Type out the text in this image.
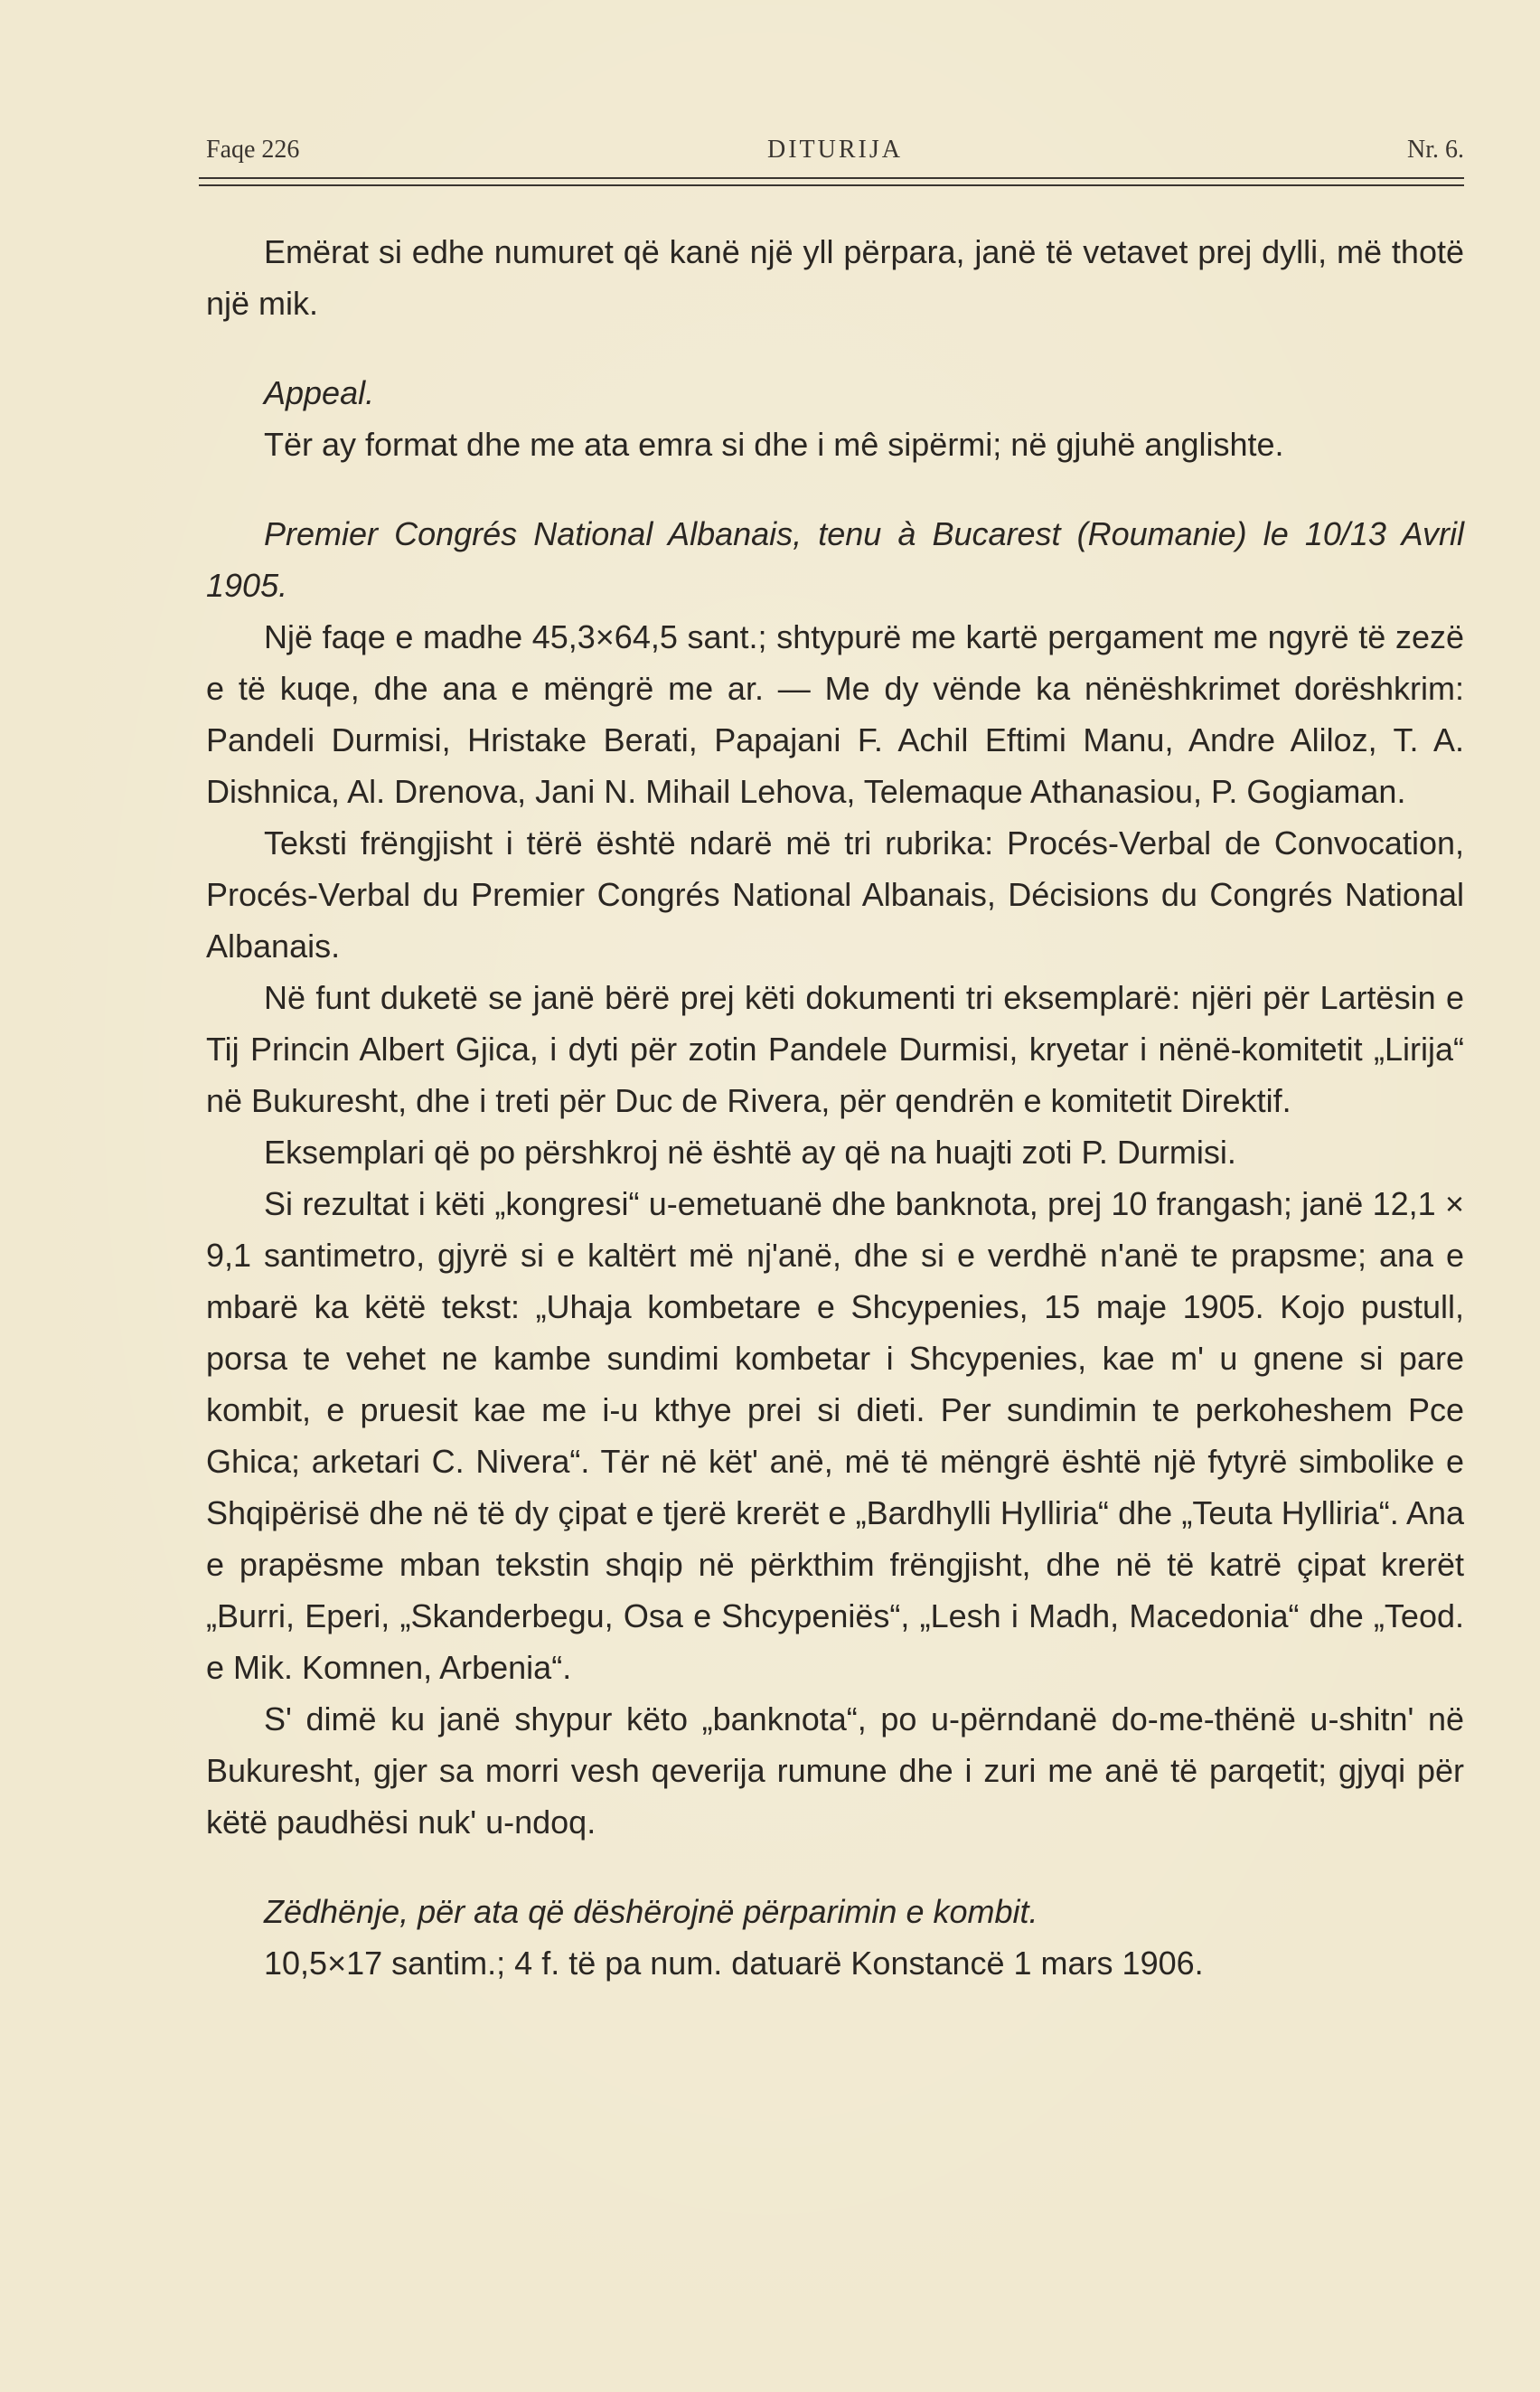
Faqe 226	DITURIJA	Nr. 6.

Emërat si edhe numuret që kanë një yll përpara, janë të vetavet prej dylli, më thotë një mik.

Appeal.

Tër ay format dhe me ata emra si dhe i mê sipërmi; në gjuhë anglishte.

Premier Congrés National Albanais, tenu à Bucarest (Roumanie) le 10/13 Avril 1905.

Një faqe e madhe 45,3×64,5 sant.; shtypurë me kartë pergament me ngyrë të zezë e të kuqe, dhe ana e mëngrë me ar. — Me dy vënde ka nënëshkrimet dorëshkrim: Pandeli Durmisi, Hristake Berati, Papajani F. Achil Eftimi Manu, Andre Aliloz, T. A. Dishnica, Al. Drenova, Jani N. Mihail Lehova, Telemaque Athanasiou, P. Gogiaman.

Teksti frëngjisht i tërë është ndarë më tri rubrika: Procés-Verbal de Convocation, Procés-Verbal du Premier Congrés National Albanais, Décisions du Congrés National Albanais.

Në funt duketë se janë bërë prej këti dokumenti tri eksemplarë: njëri për Lartësin e Tij Princin Albert Gjica, i dyti për zotin Pandele Durmisi, kryetar i nënë-komitetit „Lirija“ në Bukuresht, dhe i treti për Duc de Rivera, për qendrën e komitetit Direktif.

Eksemplari që po përshkroj në është ay që na huajti zoti P. Durmisi.

Si rezultat i këti „kongresi“ u-emetuanë dhe banknota, prej 10 frangash; janë 12,1 × 9,1 santimetro, gjyrë si e kaltërt më nj'anë, dhe si e verdhë n'anë te prapsme; ana e mbarë ka këtë tekst: „Uhaja kombetare e Shcypenies, 15 maje 1905. Kojo pustull, porsa te vehet ne kambe sundimi kombetar i Shcypenies, kae m' u gnene si pare kombit, e pruesit kae me i-u kthye prei si dieti. Per sundimin te perkoheshem Pce Ghica; arketari C. Nivera“. Tër në kët' anë, më të mëngrë është një fytyrë simbolike e Shqipërisë dhe në të dy çipat e tjerë krerët e „Bardhylli Hylliria“ dhe „Teuta Hylliria“. Ana e prapësme mban tekstin shqip në përkthim frëngjisht, dhe në të katrë çipat krerët „Burri, Eperi, „Skanderbegu, Osa e Shcypeniës“, „Lesh i Madh, Macedonia“ dhe „Teod. e Mik. Komnen, Arbenia“.

S' dimë ku janë shypur këto „banknota“, po u-përndanë do-me-thënë u-shitn' në Bukuresht, gjer sa morri vesh qeverija rumune dhe i zuri me anë të parqetit; gjyqi për këtë paudhësi nuk' u-ndoq.

Zëdhënje, për ata që dëshërojnë përparimin e kombit.

10,5×17 santim.; 4 f. të pa num. datuarë Konstancë 1 mars 1906.
